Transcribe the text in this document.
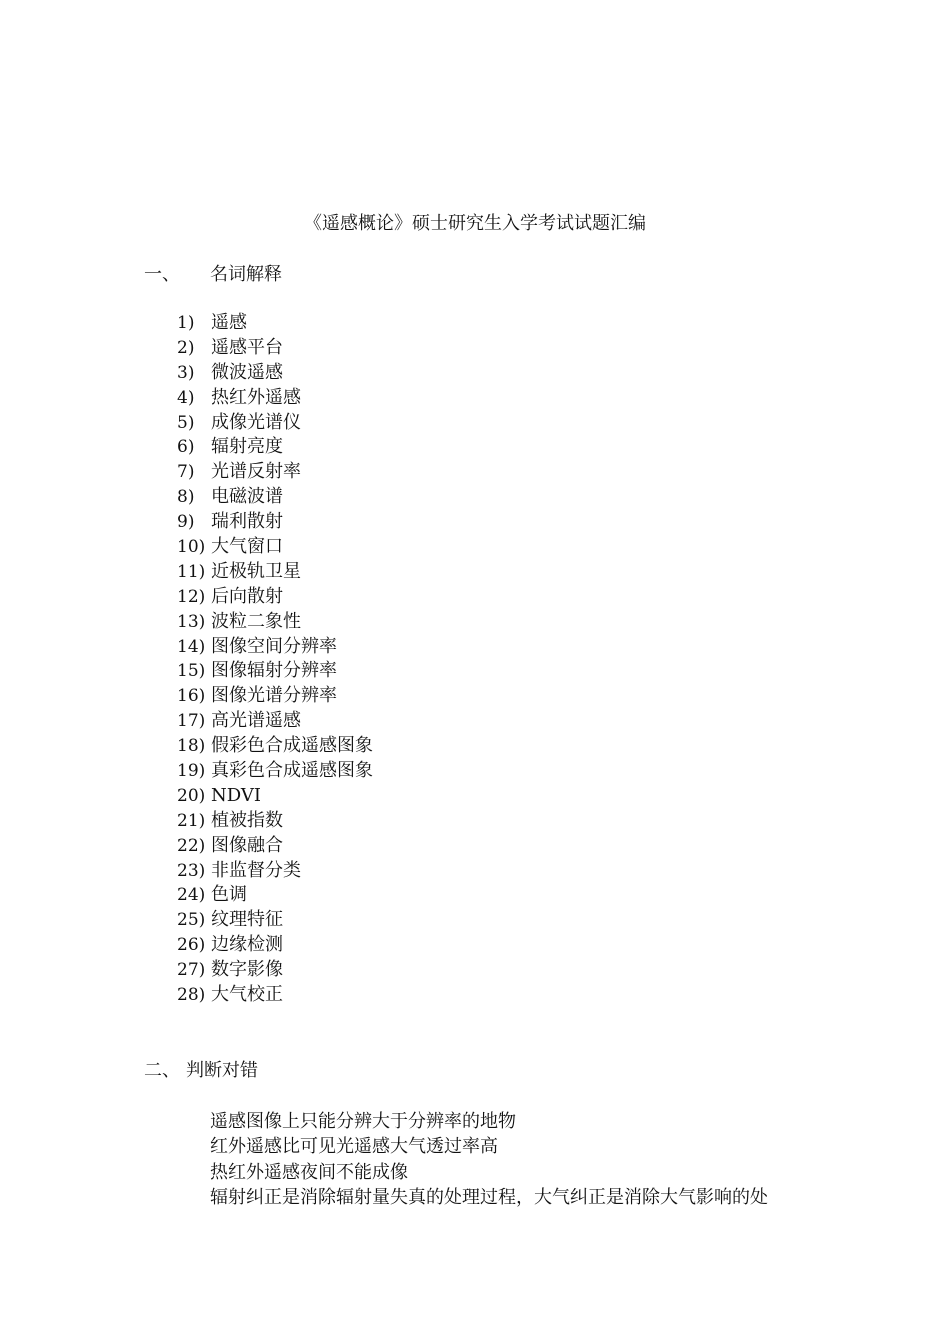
《遥感概论》硕士研究生入学考试试题汇编
一、 名词解释
1) 遥感
2) 遥感平台
3) 微波遥感
4) 热红外遥感
5) 成像光谱仪
6) 辐射亮度
7) 光谱反射率
8) 电磁波谱
9) 瑞利散射
10) 大气窗口
11) 近极轨卫星
12) 后向散射
13) 波粒二象性
14) 图像空间分辨率
15) 图像辐射分辨率
16) 图像光谱分辨率
17) 高光谱遥感
18) 假彩色合成遥感图象
19) 真彩色合成遥感图象
20) NDVI
21) 植被指数
22) 图像融合
23) 非监督分类
24) 色调
25) 纹理特征
26) 边缘检测
27) 数字影像
28) 大气校正
二、 判断对错
遥感图像上只能分辨大于分辨率的地物
红外遥感比可见光遥感大气透过率高
热红外遥感夜间不能成像
辐射纠正是消除辐射量失真的处理过程，大气纠正是消除大气影响的处
